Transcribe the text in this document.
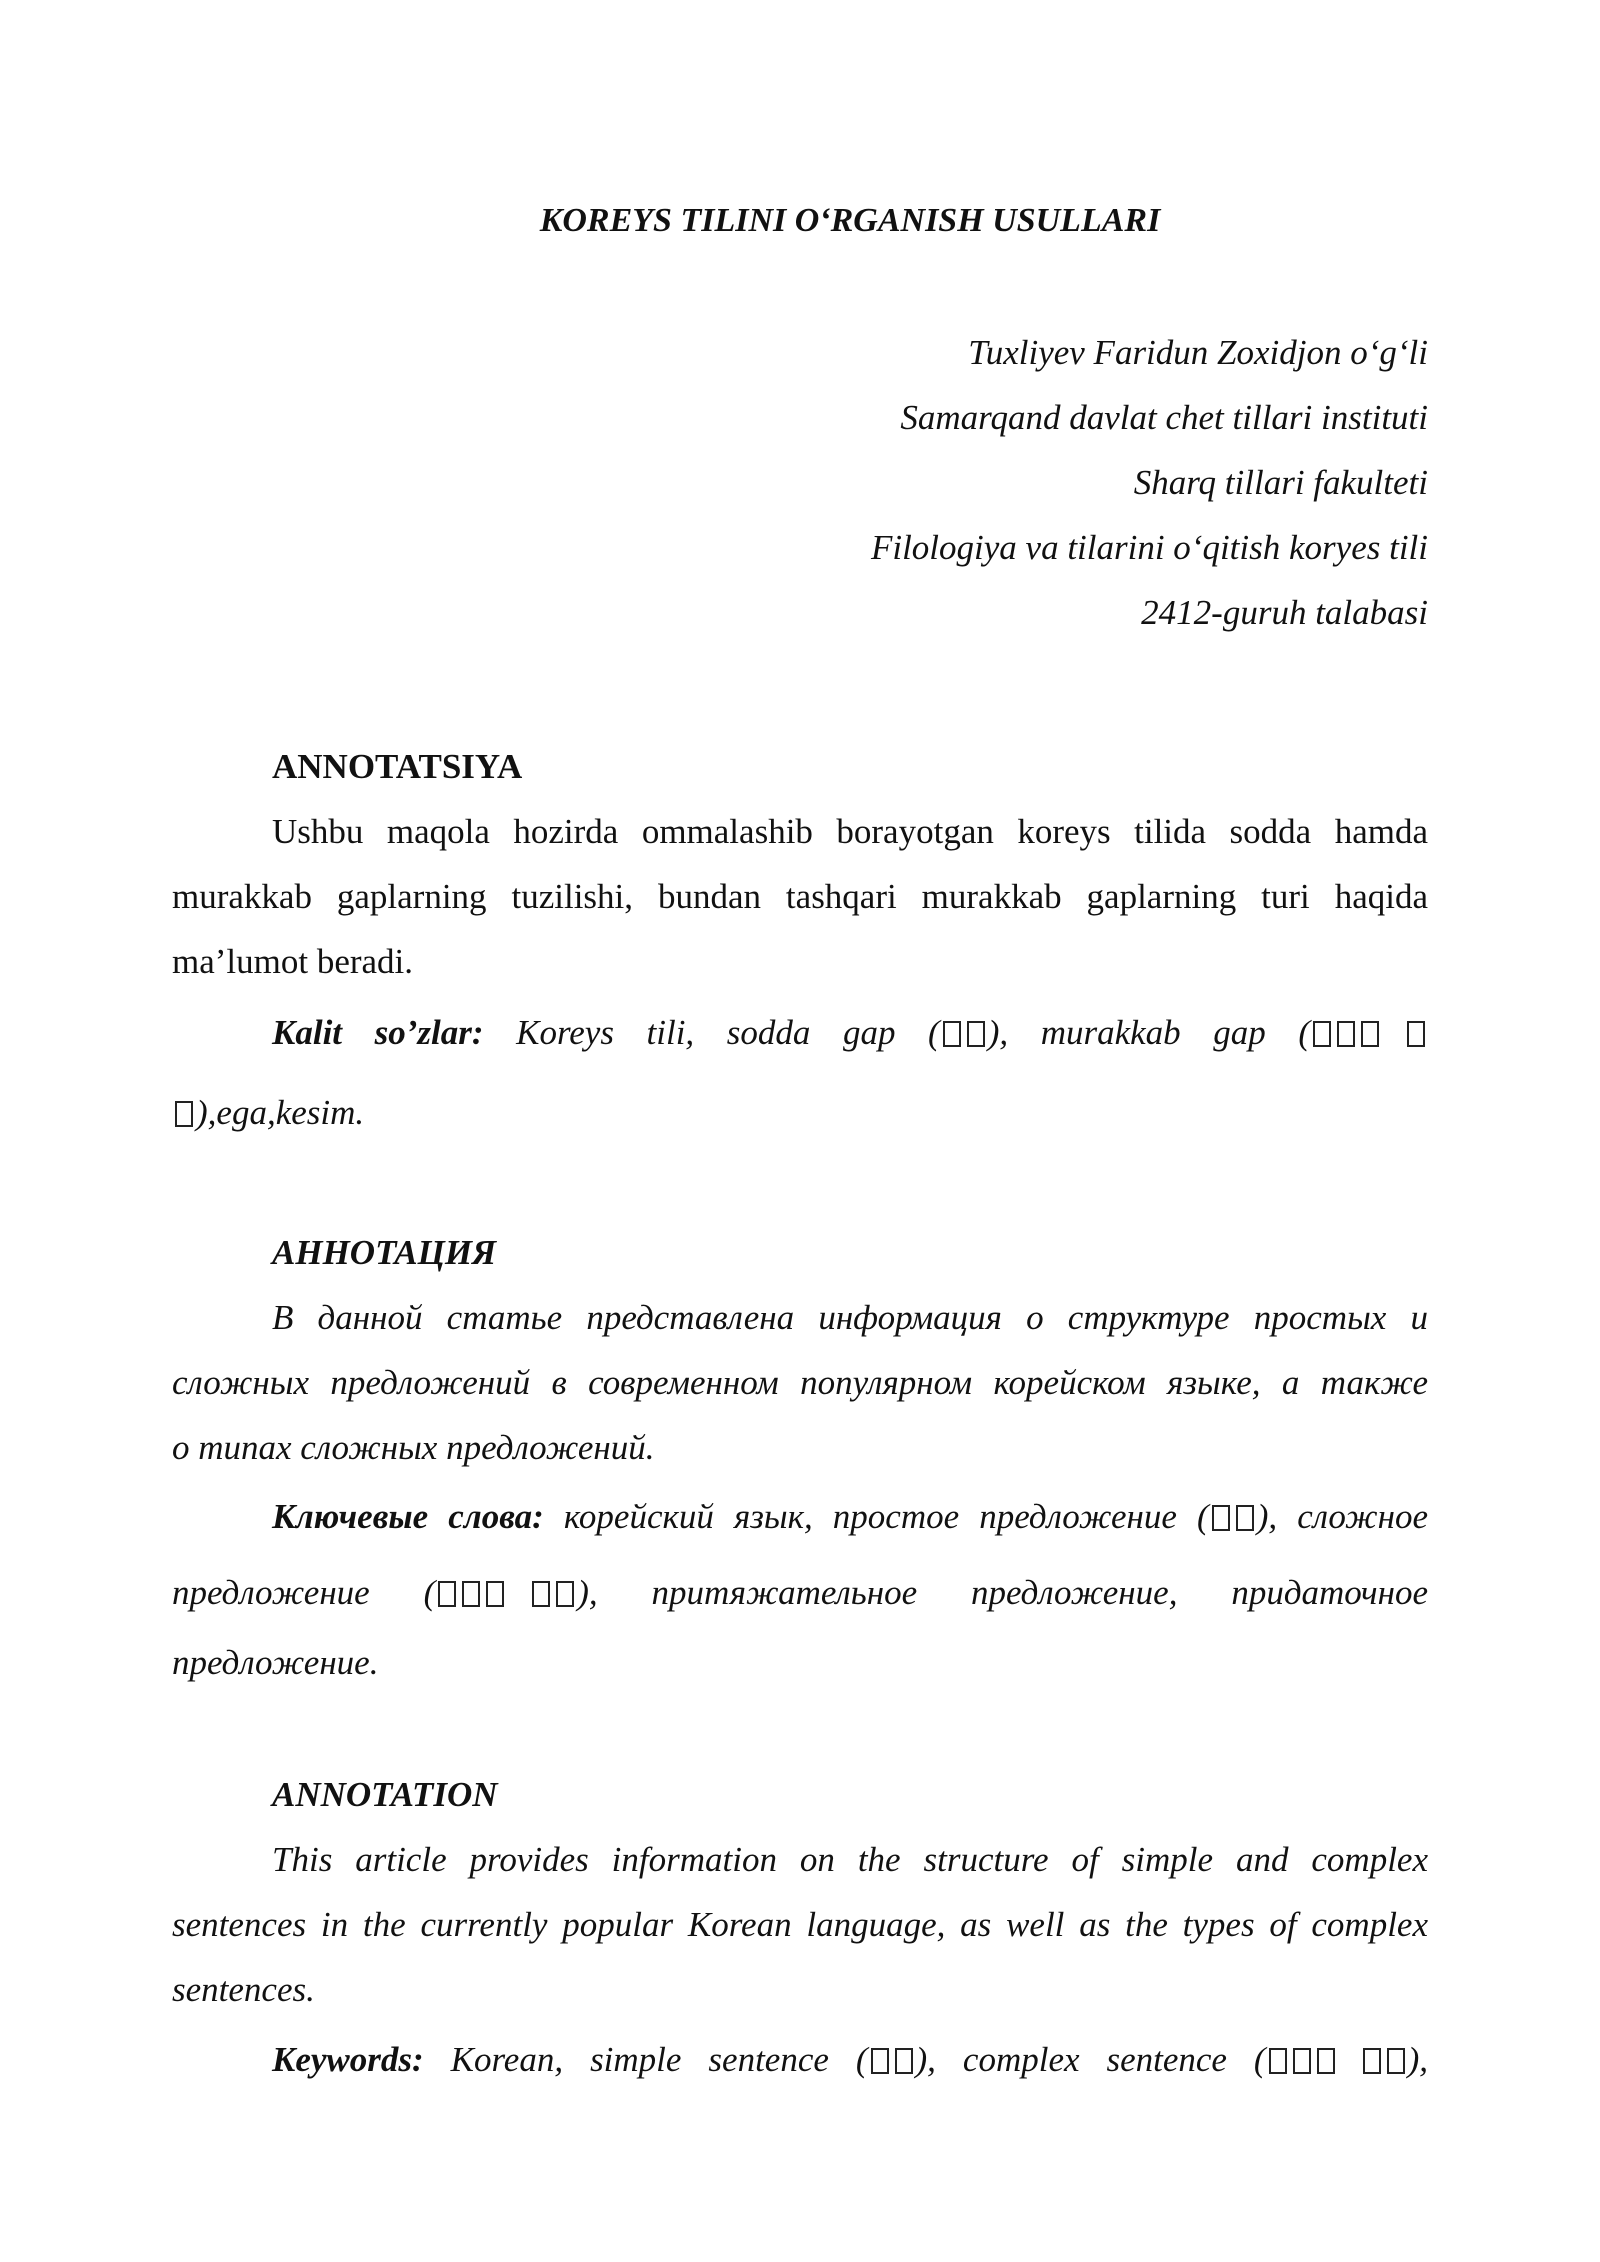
KOREYS TILINI O‘RGANISH USULLARI
Tuxliyev Faridun Zoxidjon o‘g‘li
Samarqand davlat chet tillari instituti
Sharq tillari fakulteti
Filologiya va tilarini o‘qitish koryes tili
2412-guruh talabasi
ANNOTATSIYA
Ushbu maqola hozirda ommalashib borayotgan koreys tilida sodda hamda
murakkab gaplarning tuzilishi, bundan tashqari murakkab gaplarning turi haqida
ma’lumot beradi.
Kalit so’zlar: Koreys tili, sodda gap ( ), murakkab gap (
),ega,kesim.
АННОТАЦИЯ
В данной статье представлена информация о структуре простых и
сложных предложений в современном популярном корейском языке, а также
о типах сложных предложений.
Ключевые слова: корейский язык, простое предложение ( ), сложное
предложение (	), притяжательное предложение, придаточное
предложение.
ANNOTATION
This article provides information on the structure of simple and complex
sentences in the currently popular Korean language, as well as the types of complex
sentences.
Keywords: Korean, simple sentence ( ), complex sentence (	),
